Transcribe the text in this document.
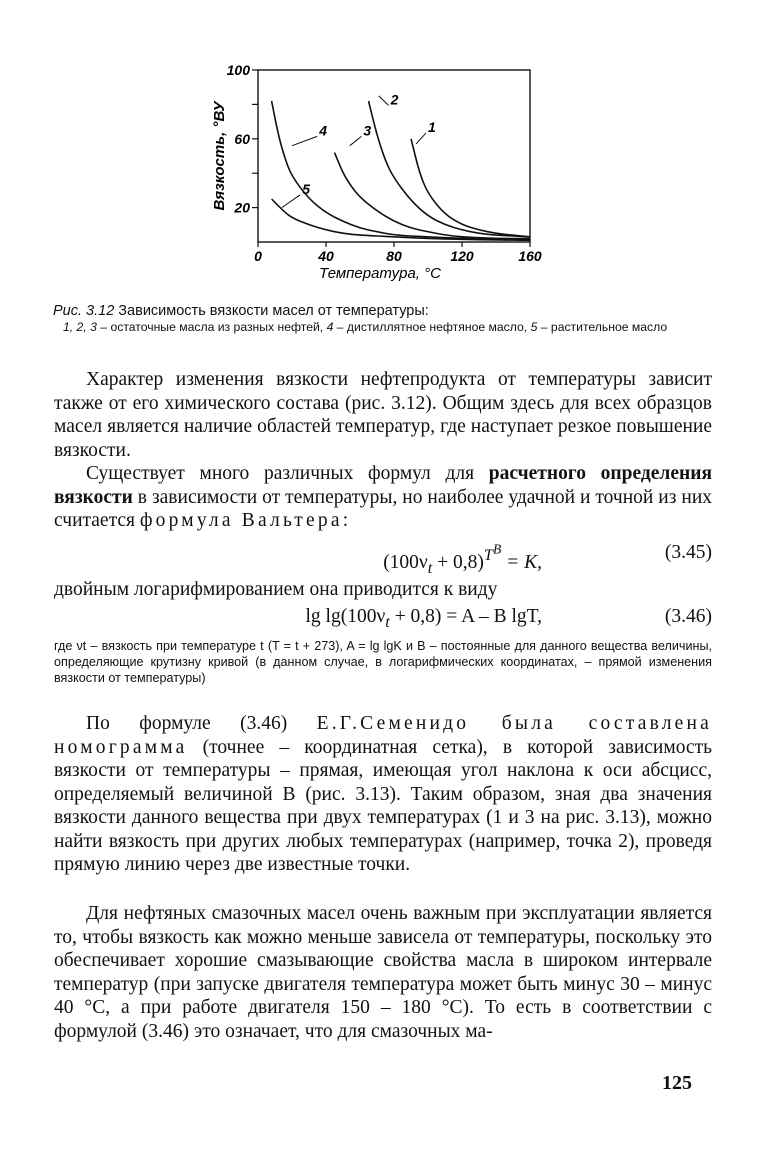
100
60
20
0	40	80	120	160
1
2
3
4
5
Вязкость, °ВУ
Температура, °С
Рис. 3.12 Зависимость вязкости масел от температуры:
1, 2, 3 – остаточные масла из разных нефтей, 4 – дистиллятное нефтяное масло, 5 – растительное масло

Характер изменения вязкости нефтепродукта от температуры зависит также от его химического состава (рис. 3.12). Общим здесь для всех образцов масел является наличие областей температур, где наступает резкое повышение вязкости.

Существует много различных формул для расчетного определения вязкости в зависимости от температуры, но наиболее удачной и точной из них считается формула Вальтера:

$(100\nu_t + 0,8)^{T^B} = K$,	(3.45)

двойным логарифмированием она приводится к виду

$\lg \lg(100\nu_t + 0,8) = A - B$ lgT,	(3.46)
где νt – вязкость при температуре t (T = t + 273), A = lg lgK и B – постоянные для данного вещества величины, определяющие крутизну кривой (в данном случае, в логарифмических координатах, – прямой изменения вязкости от температуры)

По формуле (3.46) Е.Г.Семенидо была составлена номограмма (точнее – координатная сетка), в которой зависимость вязкости от температуры – прямая, имеющая угол наклона к оси абсцисс, определяемый величиной B (рис. 3.13). Таким образом, зная два значения вязкости данного вещества при двух температурах (1 и 3 на рис. 3.13), можно найти вязкость при других любых температурах (например, точка 2), проведя прямую линию через две известные точки.

Для нефтяных смазочных масел очень важным при эксплуатации является то, чтобы вязкость как можно меньше зависела от температуры, поскольку это обеспечивает хорошие смазывающие свойства масла в широком интервале температур (при запуске двигателя температура может быть минус 30 – минус 40 °С, а при работе двигателя 150 – 180 °С). То есть в соответствии с формулой (3.46) это означает, что для смазочных ма-

125
